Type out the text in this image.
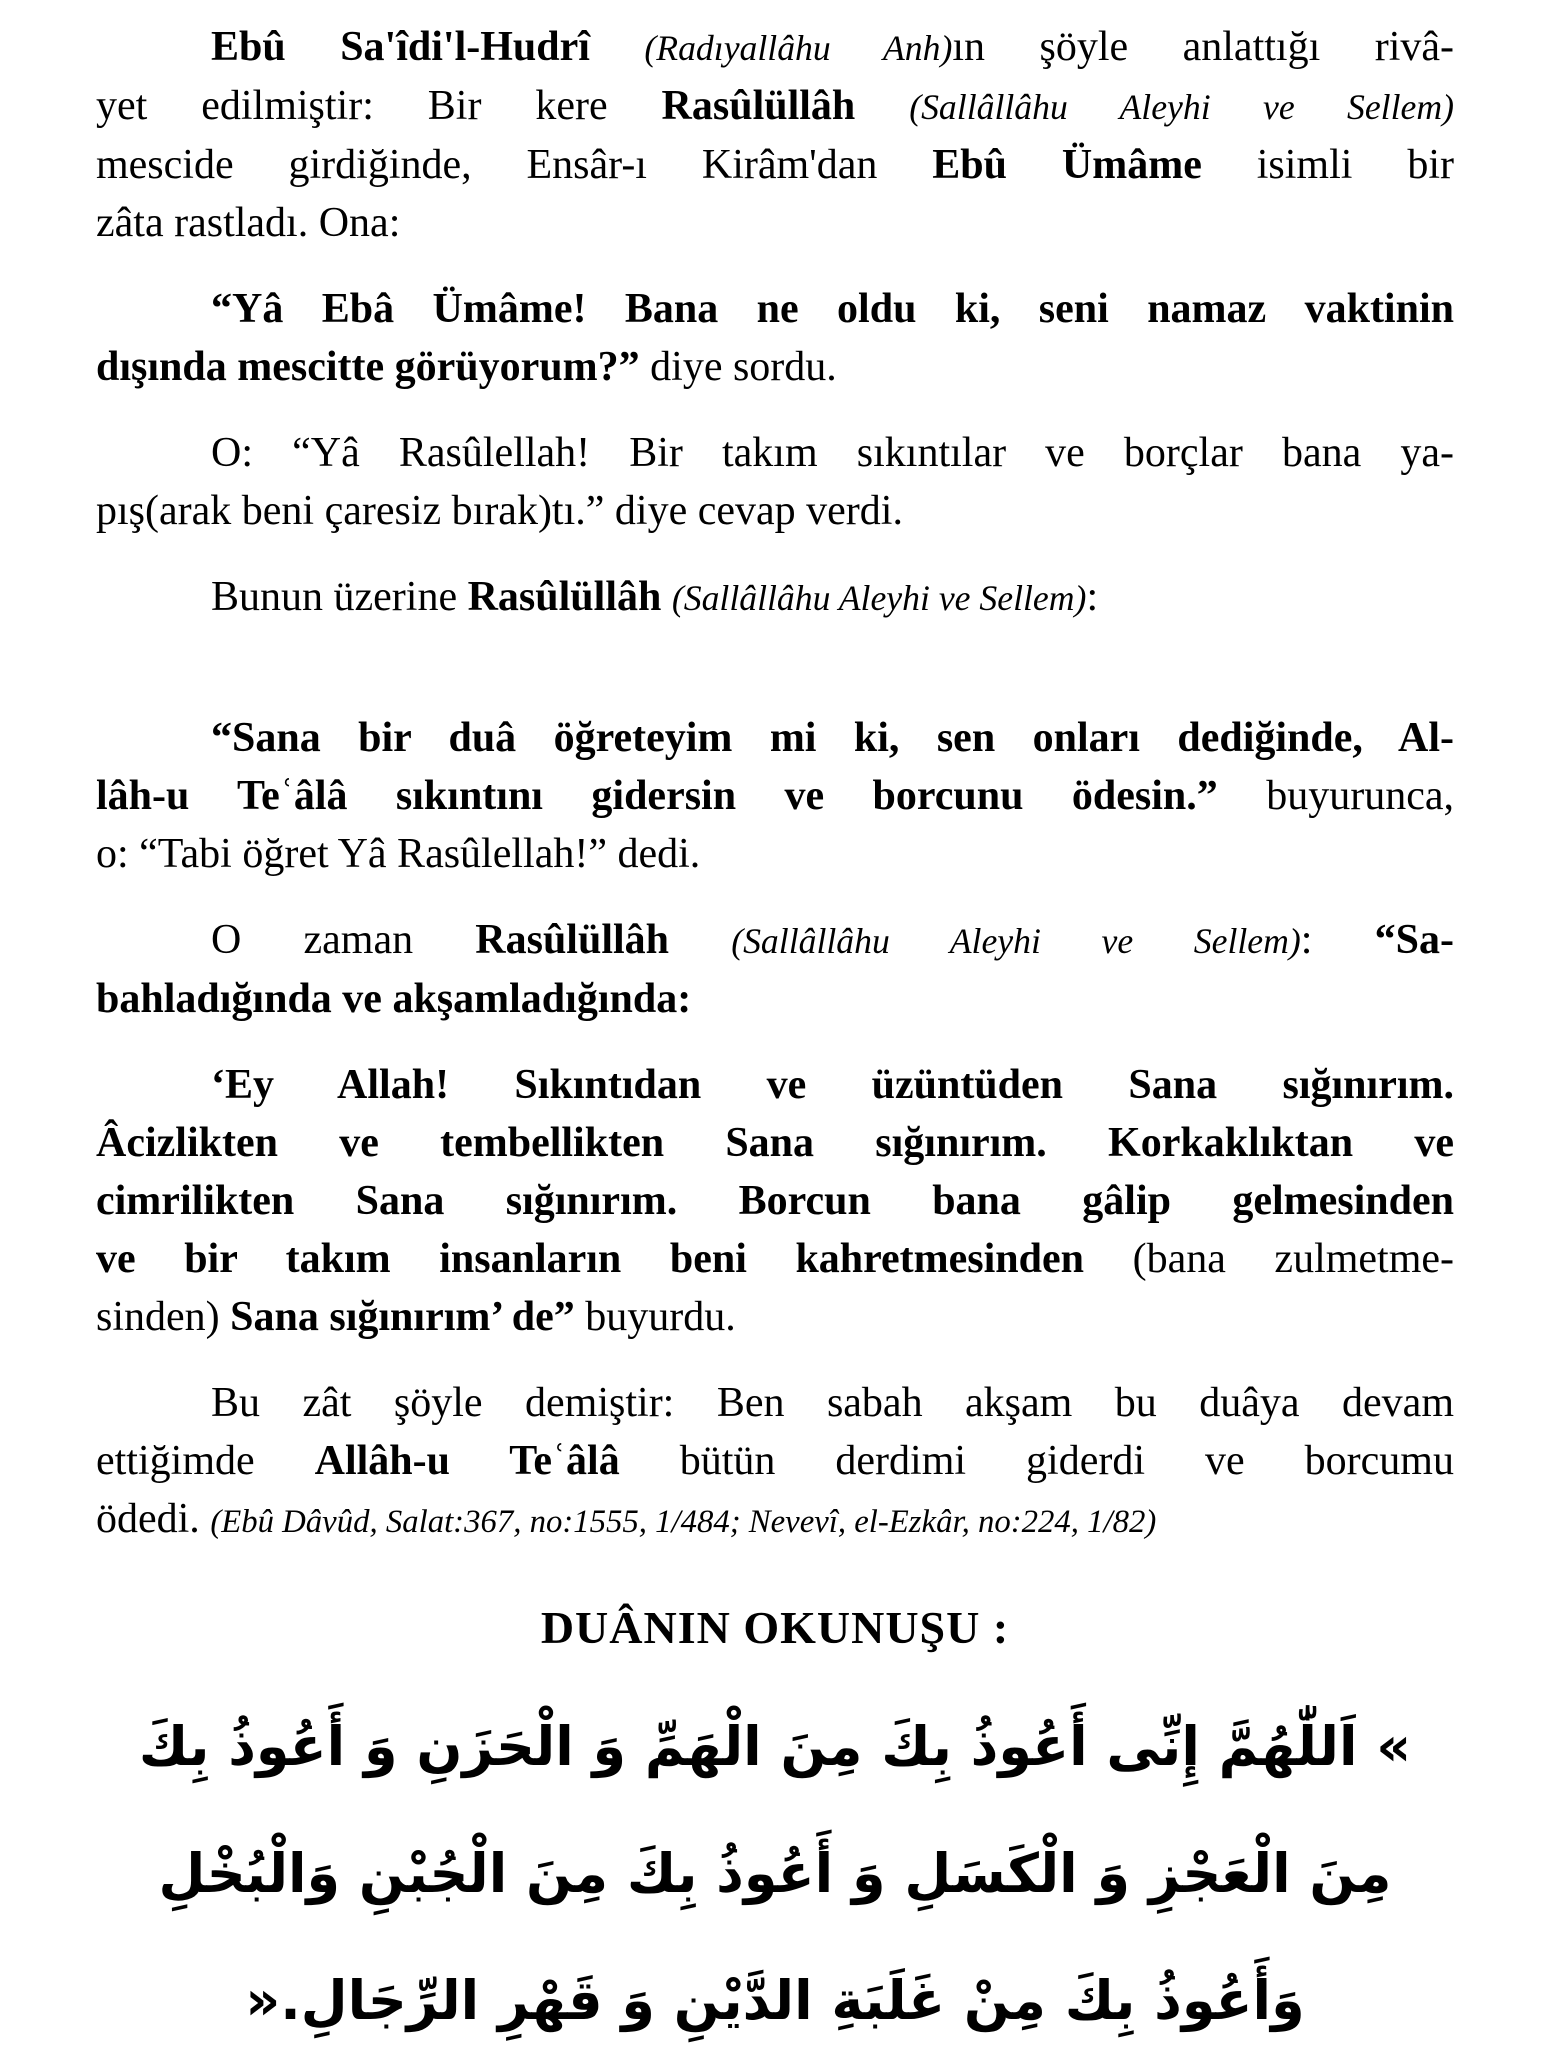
Ebû Sa'îdi'l-Hudrî (Radıyallâhu Anh)ın şöyle anlattığı rivâ-
yet edilmiştir: Bir kere Rasûlüllâh (Sallâllâhu Aleyhi ve Sellem)
mescide girdiğinde, Ensâr-ı Kirâm'dan Ebû Ümâme isimli bir
zâta rastladı. Ona:
“Yâ Ebâ Ümâme! Bana ne oldu ki, seni namaz vaktinin
dışında mescitte görüyorum?” diye sordu.
O: “Yâ Rasûlellah! Bir takım sıkıntılar ve borçlar bana ya-
pış(arak beni çaresiz bırak)tı.” diye cevap verdi.
Bunun üzerine Rasûlüllâh (Sallâllâhu Aleyhi ve Sellem):
“Sana bir duâ öğreteyim mi ki, sen onları dediğinde, Al-
lâh-u Teʿâlâ sıkıntını gidersin ve borcunu ödesin.” buyurunca,
o: “Tabi öğret Yâ Rasûlellah!” dedi.
O zaman Rasûlüllâh (Sallâllâhu Aleyhi ve Sellem): “Sa-
bahladığında ve akşamladığında:
‘Ey Allah! Sıkıntıdan ve üzüntüden Sana sığınırım.
Âcizlikten ve tembellikten Sana sığınırım. Korkaklıktan ve
cimrilikten Sana sığınırım. Borcun bana gâlip gelmesinden
ve bir takım insanların beni kahretmesinden (bana zulmetme-
sinden) Sana sığınırım’ de” buyurdu.
Bu zât şöyle demiştir: Ben sabah akşam bu duâya devam
ettiğimde Allâh-u Teʿâlâ bütün derdimi giderdi ve borcumu
ödedi. (Ebû Dâvûd, Salat:367, no:1555, 1/484; Nevevî, el-Ezkâr, no:224, 1/82)
DUÂNIN OKUNUŞU :
» اَللّٰهُمَّ إِنِّى أَعُوذُ بِكَ مِنَ الْهَمِّ وَ الْحَزَنِ وَ أَعُوذُ بِكَ
مِنَ الْعَجْزِ وَ الْكَسَلِ وَ أَعُوذُ بِكَ مِنَ الْجُبْنِ وَالْبُخْلِ
وَأَعُوذُ بِكَ مِنْ غَلَبَةِ الدَّيْنِ وَ قَهْرِ الرِّجَالِ.«
